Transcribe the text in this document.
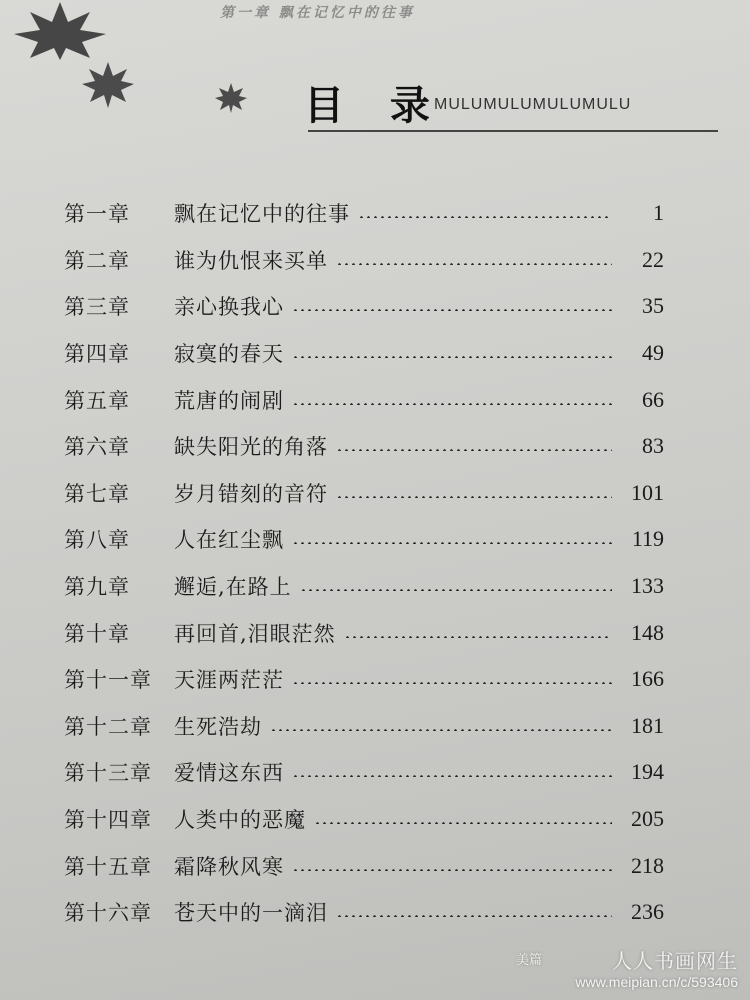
第一章 飘在记忆中的往事
目 录
MULUMULUMULUMULU
第一章	飘在记忆中的往事	1
第二章	谁为仇恨来买单	22
第三章	亲心换我心	35
第四章	寂寞的春天	49
第五章	荒唐的闹剧	66
第六章	缺失阳光的角落	83
第七章	岁月错刻的音符	101
第八章	人在红尘飘	119
第九章	邂逅,在路上	133
第十章	再回首,泪眼茫然	148
第十一章	天涯两茫茫	166
第十二章	生死浩劫	181
第十三章	爱情这东西	194
第十四章	人类中的恶魔	205
第十五章	霜降秋风寒	218
第十六章	苍天中的一滴泪	236
美篇	人人书画网生
www.meipian.cn/c/593406
